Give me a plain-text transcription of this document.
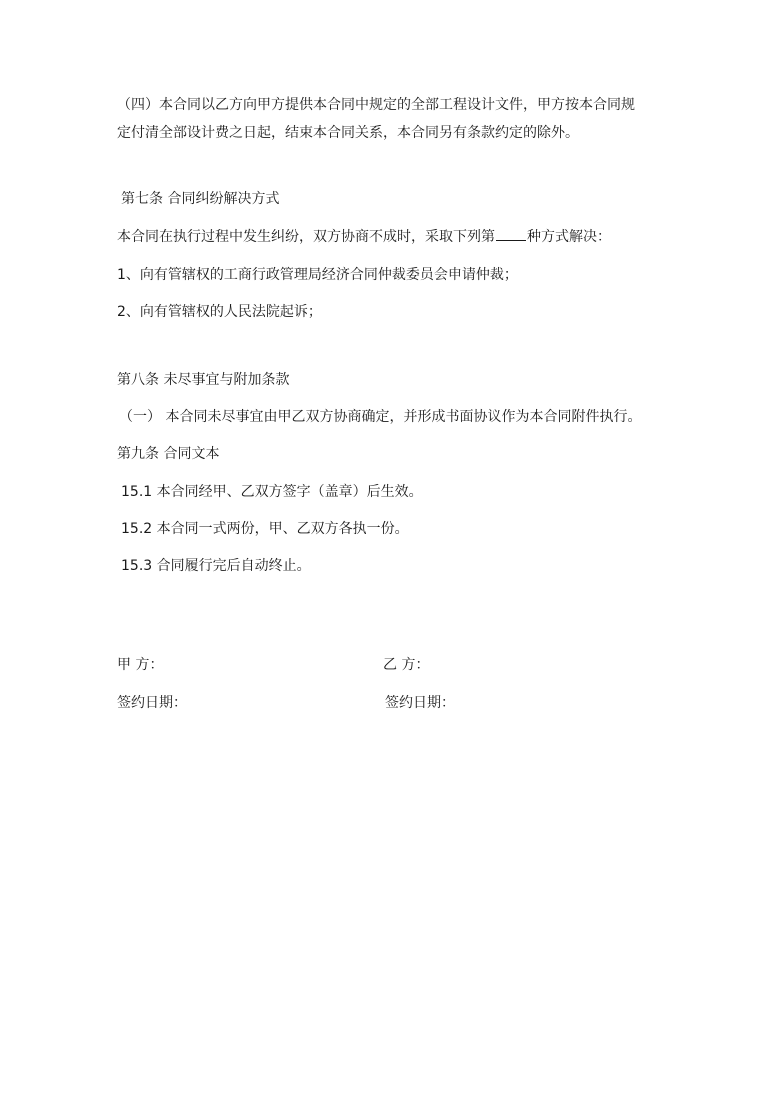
（四）本合同以乙方向甲方提供本合同中规定的全部工程设计文件，甲方按本合同规
定付清全部设计费之日起，结束本合同关系，本合同另有条款约定的除外。
第七条 合同纠纷解决方式
本合同在执行过程中发生纠纷，双方协商不成时，采取下列第 种方式解决：
1、向有管辖权的工商行政管理局经济合同仲裁委员会申请仲裁；
2、向有管辖权的人民法院起诉；
第八条 未尽事宜与附加条款
（一） 本合同未尽事宜由甲乙双方协商确定，并形成书面协议作为本合同附件执行。
第九条 合同文本
15.1 本合同经甲、乙双方签字（盖章）后生效。
15.2 本合同一式两份，甲、乙双方各执一份。
15.3 合同履行完后自动终止。
甲 方：	乙 方：
签约日期：	签约日期：
